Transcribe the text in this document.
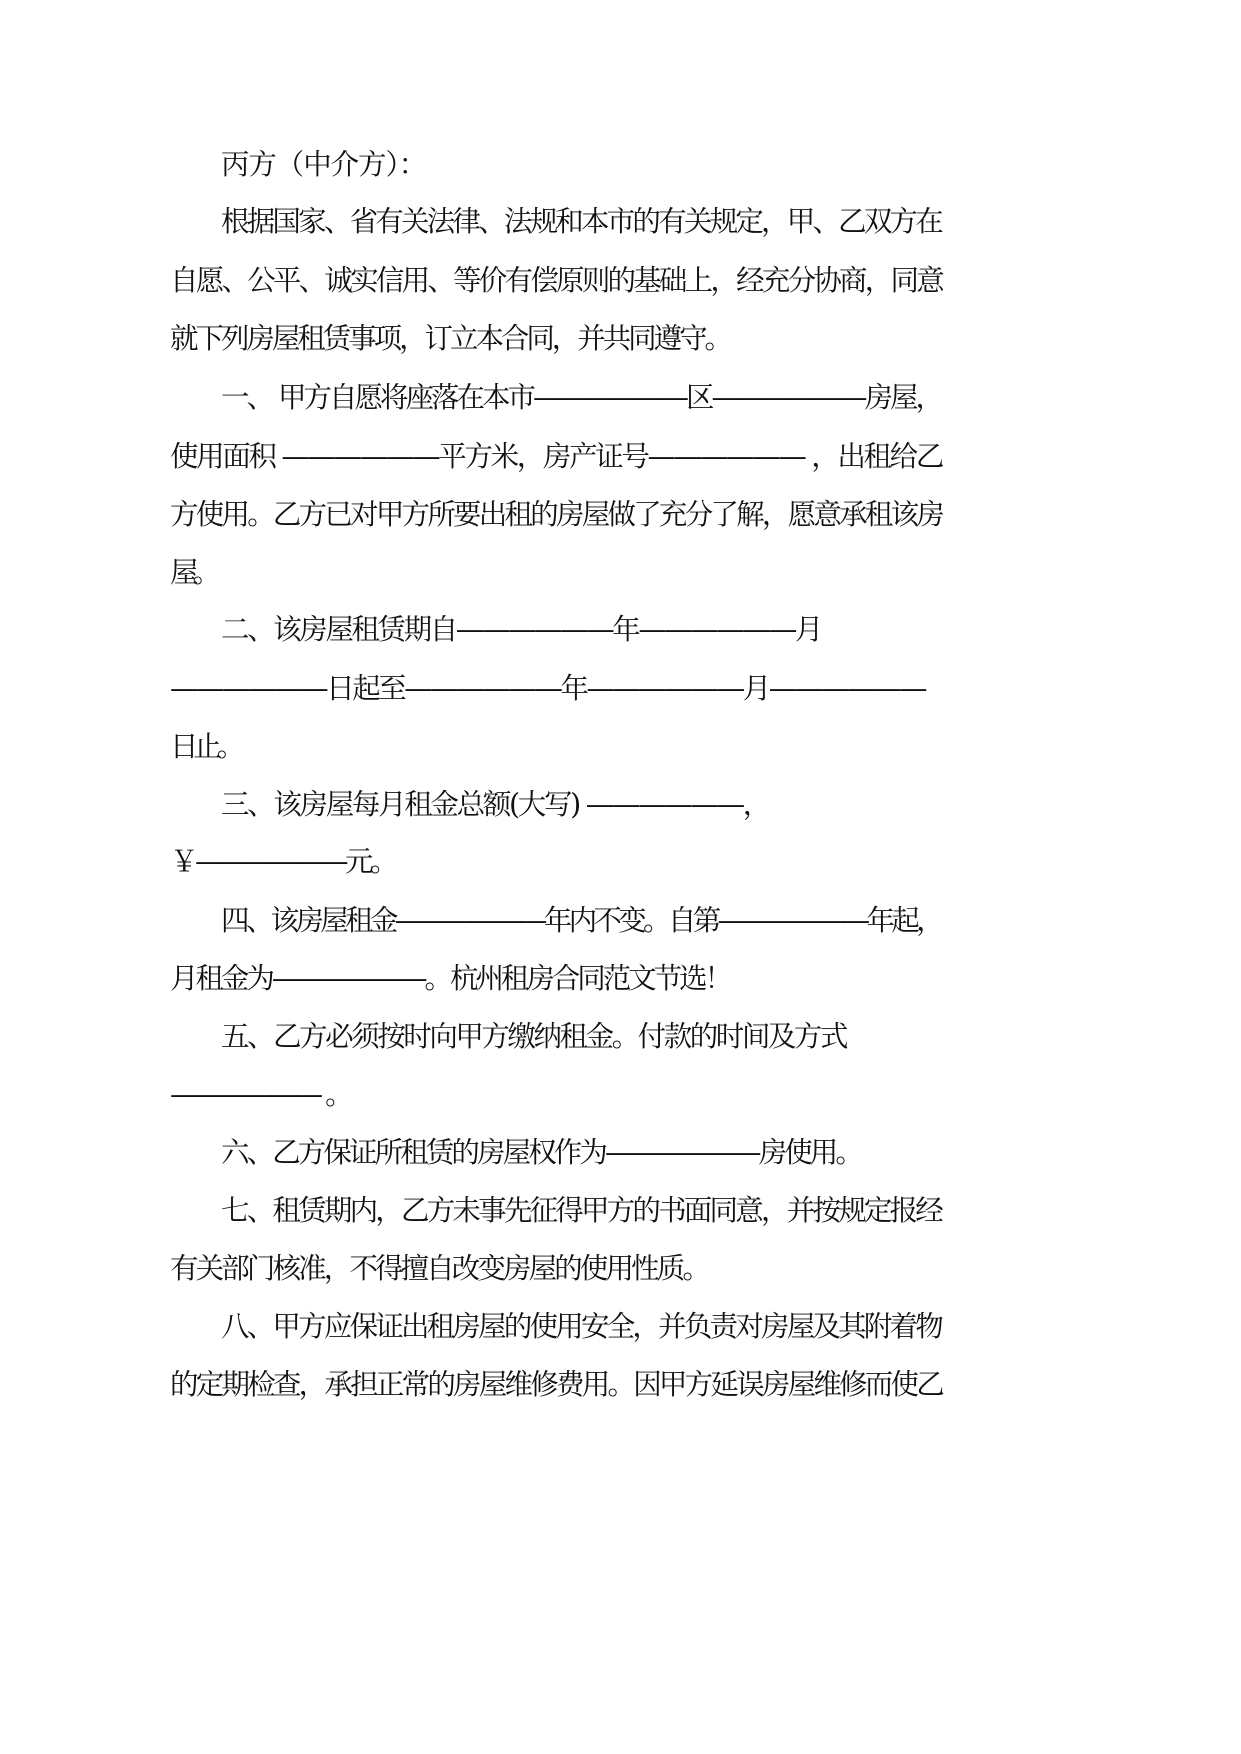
丙方（中介方）：
根据国家、省有关法律、法规和本市的有关规定，甲、乙双方在
自愿、公平、诚实信用、等价有偿原则的基础上，经充分协商，同意
就下列房屋租赁事项，订立本合同，并共同遵守。
一、 甲方自愿将座落在本市——————区——————房屋，
使用面积 ——————平方米，房产证号—————— ，出租给乙
方使用。乙方已对甲方所要出租的房屋做了充分了解，愿意承租该房
屋。
二、该房屋租赁期自——————年——————月
——————日起至——————年——————月——————
日止。
三、该房屋每月租金总额(大写) ——————，
￥——————元。
四、该房屋租金——————年内不变。自第——————年起，
月租金为——————。杭州租房合同范文节选！
五、乙方必须按时向甲方缴纳租金。付款的时间及方式
—————— 。
六、乙方保证所租赁的房屋权作为——————房使用。
七、租赁期内，乙方未事先征得甲方的书面同意，并按规定报经
有关部门核准，不得擅自改变房屋的使用性质。
八、甲方应保证出租房屋的使用安全，并负责对房屋及其附着物
的定期检查，承担正常的房屋维修费用。因甲方延误房屋维修而使乙
